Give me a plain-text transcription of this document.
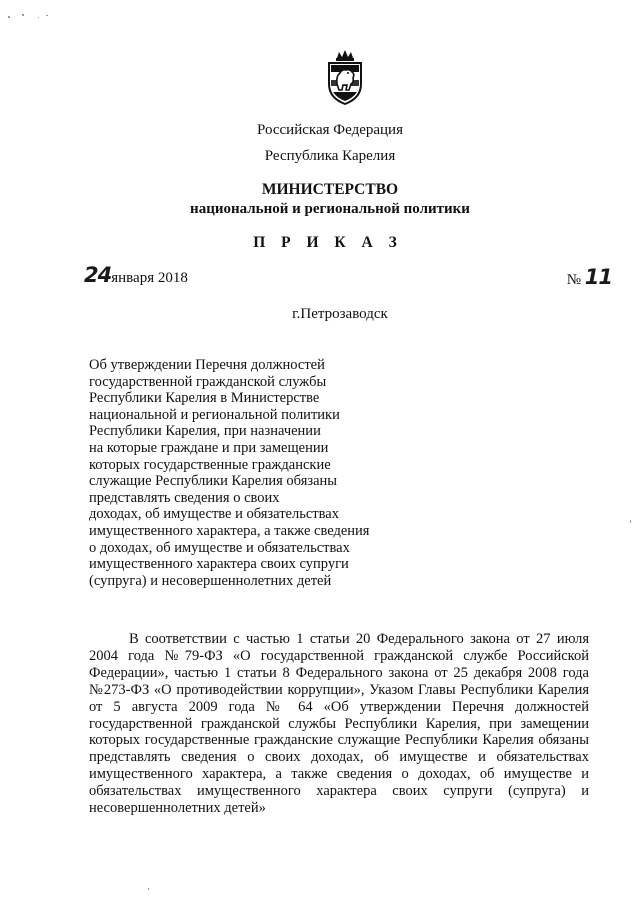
Российская Федерация
Республика Карелия
МИНИСТЕРСТВО
национальной и региональной политики
П Р И К А З
24января 2018	№ 11
г.Петрозаводск
Об утверждении Перечня должностей
государственной гражданской службы
Республики Карелия в Министерстве
национальной и региональной политики
Республики Карелия, при назначении
на которые граждане и при замещении
которых государственные гражданские
служащие Республики Карелия обязаны
представлять сведения о своих
доходах, об имуществе и обязательствах
имущественного характера, а также сведения
о доходах, об имуществе и обязательствах
имущественного характера своих супруги
(супруга) и несовершеннолетних детей

В соответствии с частью 1 статьи 20 Федерального закона от 27 июля 2004 года №79-ФЗ «О государственной гражданской службе Российской Федерации», частью 1 статьи 8 Федерального закона от 25 декабря 2008 года №273-ФЗ «О противодействии коррупции», Указом Главы Республики Карелия от 5 августа 2009 года № 64 «Об утверждении Перечня должностей государственной гражданской службы Республики Карелия, при замещении которых государственные гражданские служащие Республики Карелия обязаны представлять сведения о своих доходах, об имуществе и обязательствах имущественного характера, а также сведения о доходах, об имуществе и обязательствах имущественного характера своих супруги (супруга) и несовершеннолетних детей»
